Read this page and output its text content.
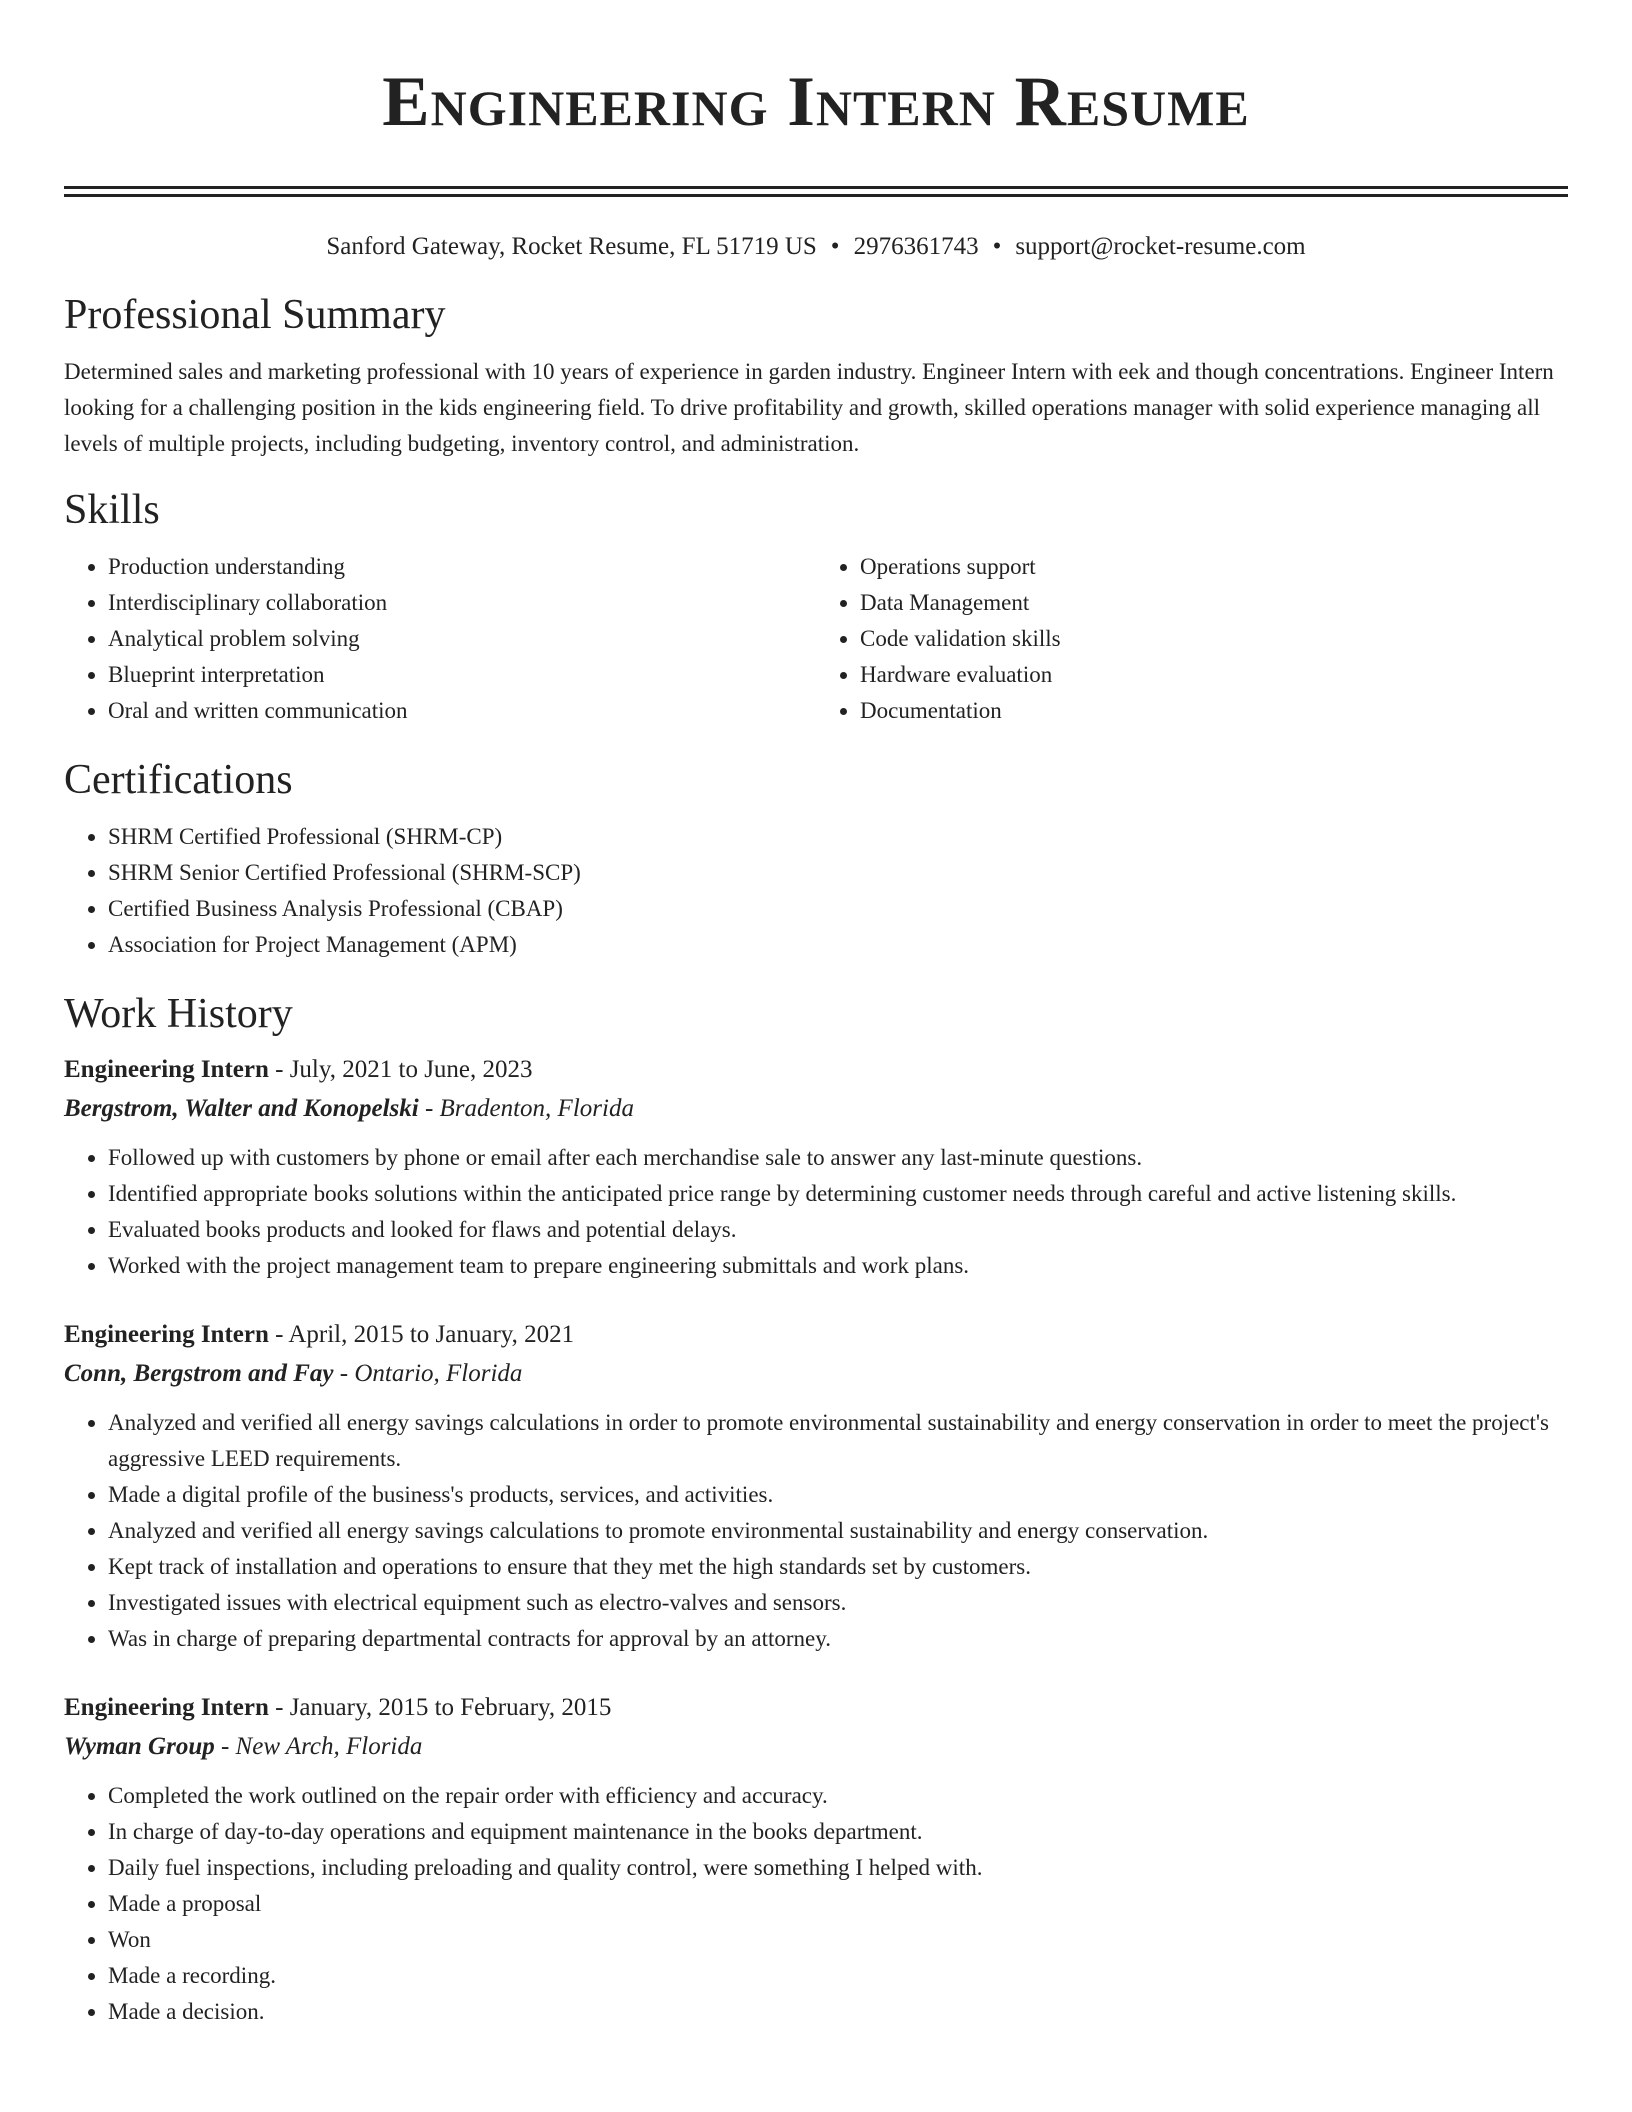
Engineering Intern Resume
Sanford Gateway, Rocket Resume, FL 51719 US • 2976361743 • support@rocket-resume.com
Professional Summary

Determined sales and marketing professional with 10 years of experience in garden industry. Engineer Intern with eek and though concentrations. Engineer Intern looking for a challenging position in the kids engineering field. To drive profitability and growth, skilled operations manager with solid experience managing all levels of multiple projects, including budgeting, inventory control, and administration.

Skills
• Production understanding
• Interdisciplinary collaboration
• Analytical problem solving
• Blueprint interpretation
• Oral and written communication
• Operations support
• Data Management
• Code validation skills
• Hardware evaluation
• Documentation
Certifications
• SHRM Certified Professional (SHRM-CP)
• SHRM Senior Certified Professional (SHRM-SCP)
• Certified Business Analysis Professional (CBAP)
• Association for Project Management (APM)
Work History
Engineering Intern - July, 2021 to June, 2023
Bergstrom, Walter and Konopelski - Bradenton, Florida
• Followed up with customers by phone or email after each merchandise sale to answer any last-minute questions.
• Identified appropriate books solutions within the anticipated price range by determining customer needs through careful and active listening skills.
• Evaluated books products and looked for flaws and potential delays.
• Worked with the project management team to prepare engineering submittals and work plans.
Engineering Intern - April, 2015 to January, 2021
Conn, Bergstrom and Fay - Ontario, Florida
• Analyzed and verified all energy savings calculations in order to promote environmental sustainability and energy conservation in order to meet the project's aggressive LEED requirements.
• Made a digital profile of the business's products, services, and activities.
• Analyzed and verified all energy savings calculations to promote environmental sustainability and energy conservation.
• Kept track of installation and operations to ensure that they met the high standards set by customers.
• Investigated issues with electrical equipment such as electro-valves and sensors.
• Was in charge of preparing departmental contracts for approval by an attorney.
Engineering Intern - January, 2015 to February, 2015
Wyman Group - New Arch, Florida
• Completed the work outlined on the repair order with efficiency and accuracy.
• In charge of day-to-day operations and equipment maintenance in the books department.
• Daily fuel inspections, including preloading and quality control, were something I helped with.
• Made a proposal
• Won
• Made a recording.
• Made a decision.
